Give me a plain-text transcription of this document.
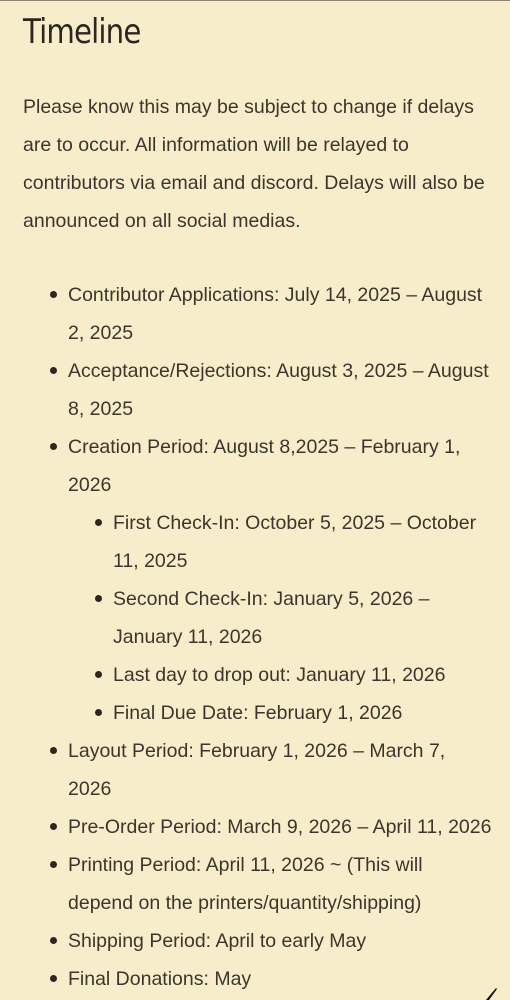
Timeline

Please know this may be subject to change if delays are to occur. All information will be relayed to contributors via email and discord. Delays will also be announced on all social medias.

Contributor Applications: July 14, 2025 – August 2, 2025
Acceptance/Rejections: August 3, 2025 – August 8, 2025
Creation Period: August 8,2025 – February 1, 2026
First Check-In: October 5, 2025 – October 11, 2025
Second Check-In: January 5, 2026 – January 11, 2026
Last day to drop out: January 11, 2026
Final Due Date: February 1, 2026
Layout Period: February 1, 2026 – March 7, 2026
Pre-Order Period: March 9, 2026 – April 11, 2026
Printing Period: April 11, 2026 ~ (This will depend on the printers/quantity/shipping)
Shipping Period: April to early May
Final Donations: May
